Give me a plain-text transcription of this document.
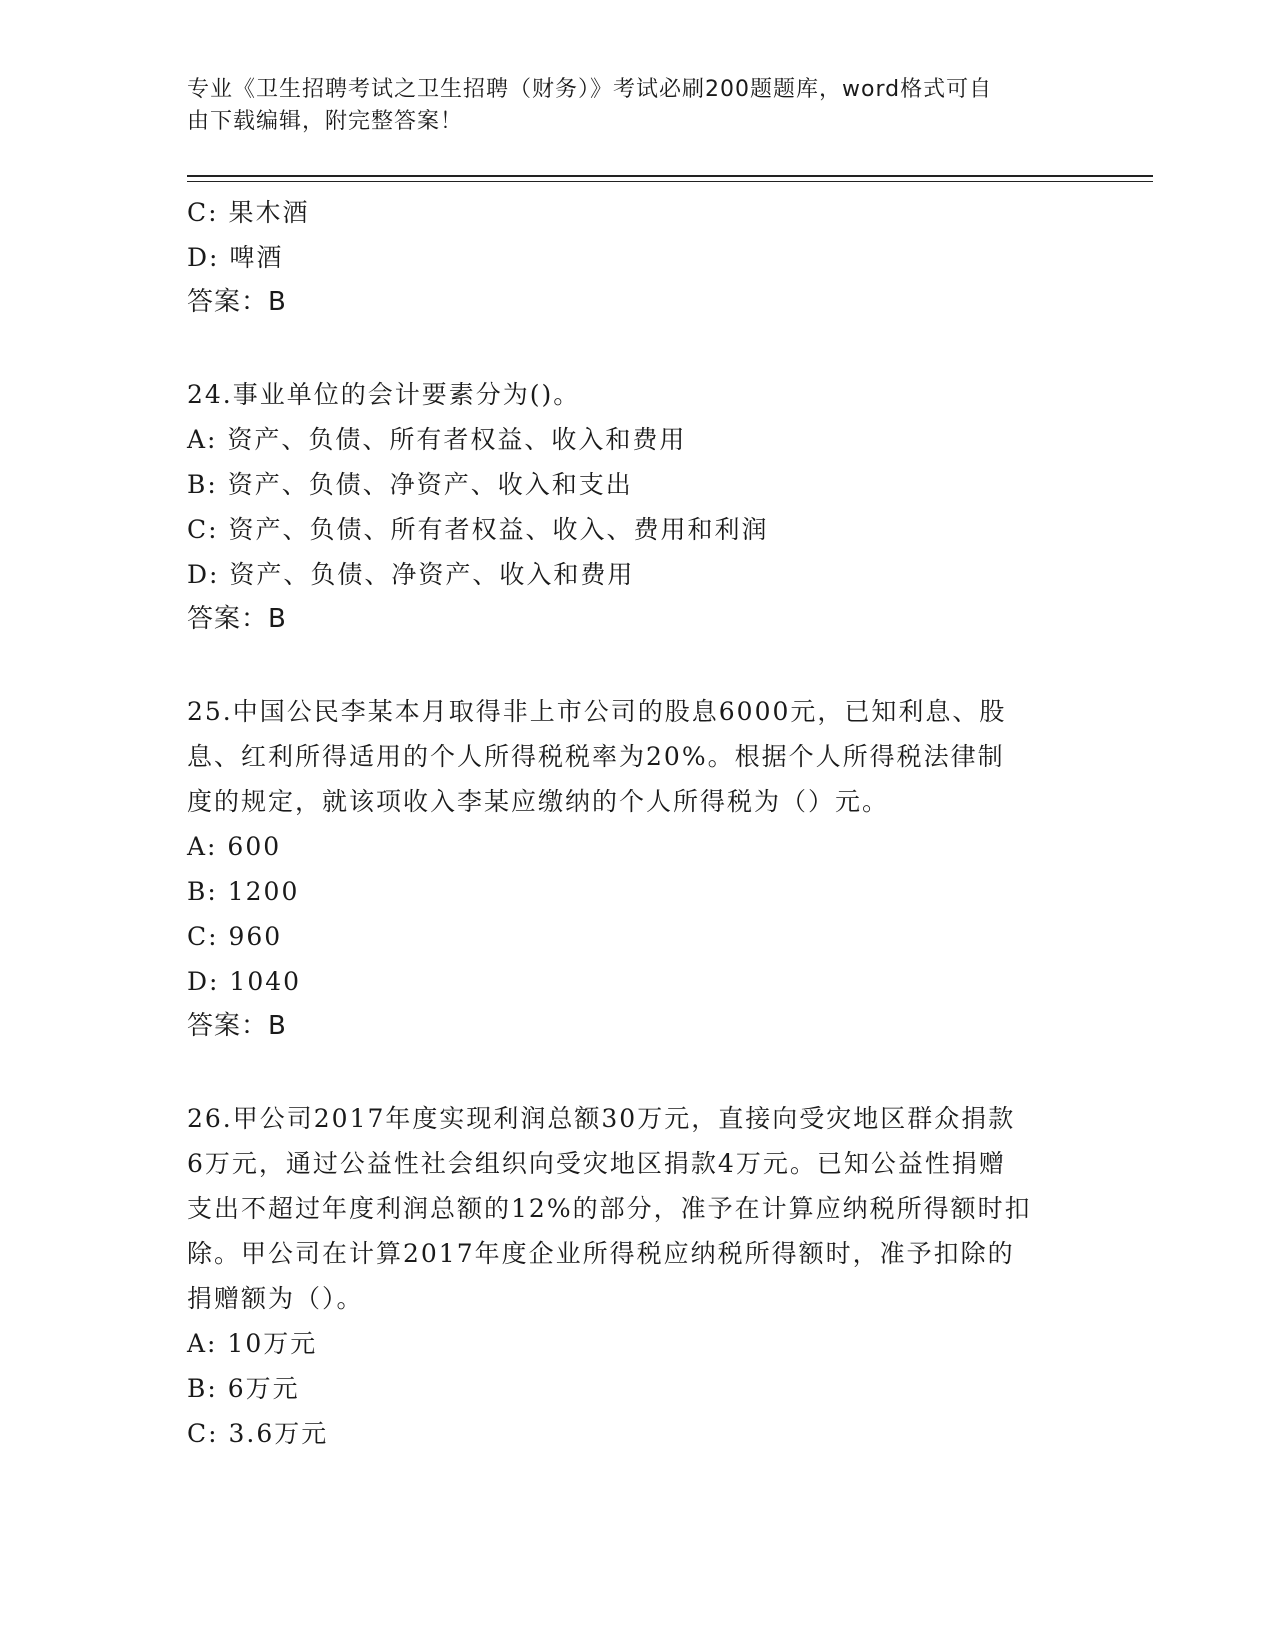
专业《卫生招聘考试之卫生招聘（财务）》考试必刷200题题库，word格式可自
由下载编辑，附完整答案！
C: 果木酒
D: 啤酒
答案：B
24.事业单位的会计要素分为()。
A: 资产、负债、所有者权益、收入和费用
B: 资产、负债、净资产、收入和支出
C: 资产、负债、所有者权益、收入、费用和利润
D: 资产、负债、净资产、收入和费用
答案：B
25.中国公民李某本月取得非上市公司的股息6000元，已知利息、股
息、红利所得适用的个人所得税税率为20%。根据个人所得税法律制
度的规定，就该项收入李某应缴纳的个人所得税为（）元。
A: 600
B: 1200
C: 960
D: 1040
答案：B
26.甲公司2017年度实现利润总额30万元，直接向受灾地区群众捐款
6万元，通过公益性社会组织向受灾地区捐款4万元。已知公益性捐赠
支出不超过年度利润总额的12%的部分，准予在计算应纳税所得额时扣
除。甲公司在计算2017年度企业所得税应纳税所得额时，准予扣除的
捐赠额为（）。
A: 10万元
B: 6万元
C: 3.6万元
